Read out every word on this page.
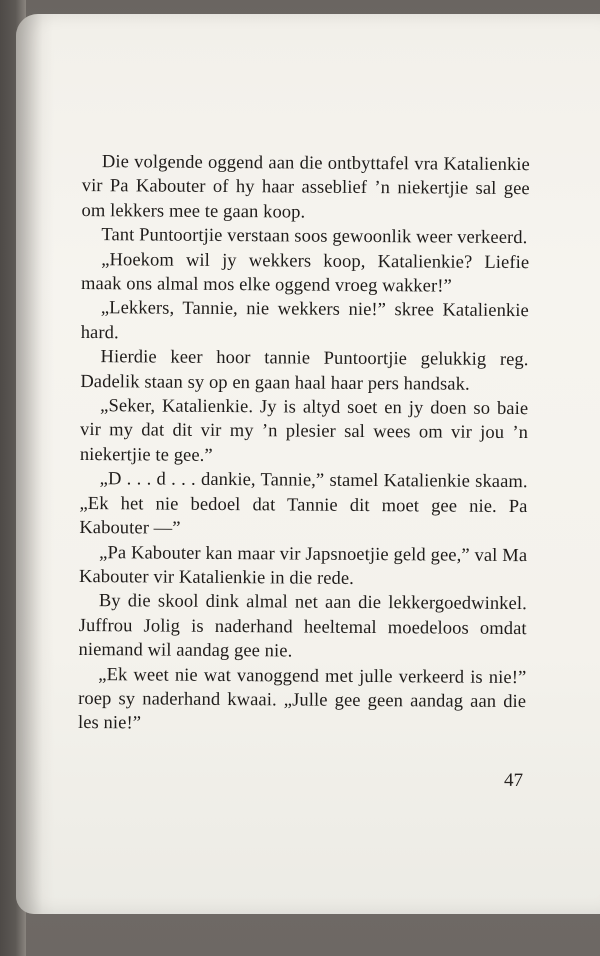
Die volgende oggend aan die ontbyttafel vra Katalienkie vir Pa Kabouter of hy haar asseblief ’n niekertjie sal gee om lekkers mee te gaan koop.

Tant Puntoortjie verstaan soos gewoonlik weer verkeerd.

„Hoekom wil jy wekkers koop, Katalienkie? Liefie maak ons almal mos elke oggend vroeg wakker!”

„Lekkers, Tannie, nie wekkers nie!” skree Katalienkie hard.

Hierdie keer hoor tannie Puntoortjie gelukkig reg. Dadelik staan sy op en gaan haal haar pers handsak.

„Seker, Katalienkie. Jy is altyd soet en jy doen so baie vir my dat dit vir my ’n plesier sal wees om vir jou ’n niekertjie te gee.”

„D . . . d . . . dankie, Tannie,” stamel Katalienkie skaam. „Ek het nie bedoel dat Tannie dit moet gee nie. Pa Kabouter —”

„Pa Kabouter kan maar vir Japsnoetjie geld gee,” val Ma Kabouter vir Katalienkie in die rede.

By die skool dink almal net aan die lekkergoedwinkel. Juffrou Jolig is naderhand heeltemal moedeloos omdat niemand wil aandag gee nie.

„Ek weet nie wat vanoggend met julle verkeerd is nie!” roep sy naderhand kwaai. „Julle gee geen aandag aan die les nie!”

47
